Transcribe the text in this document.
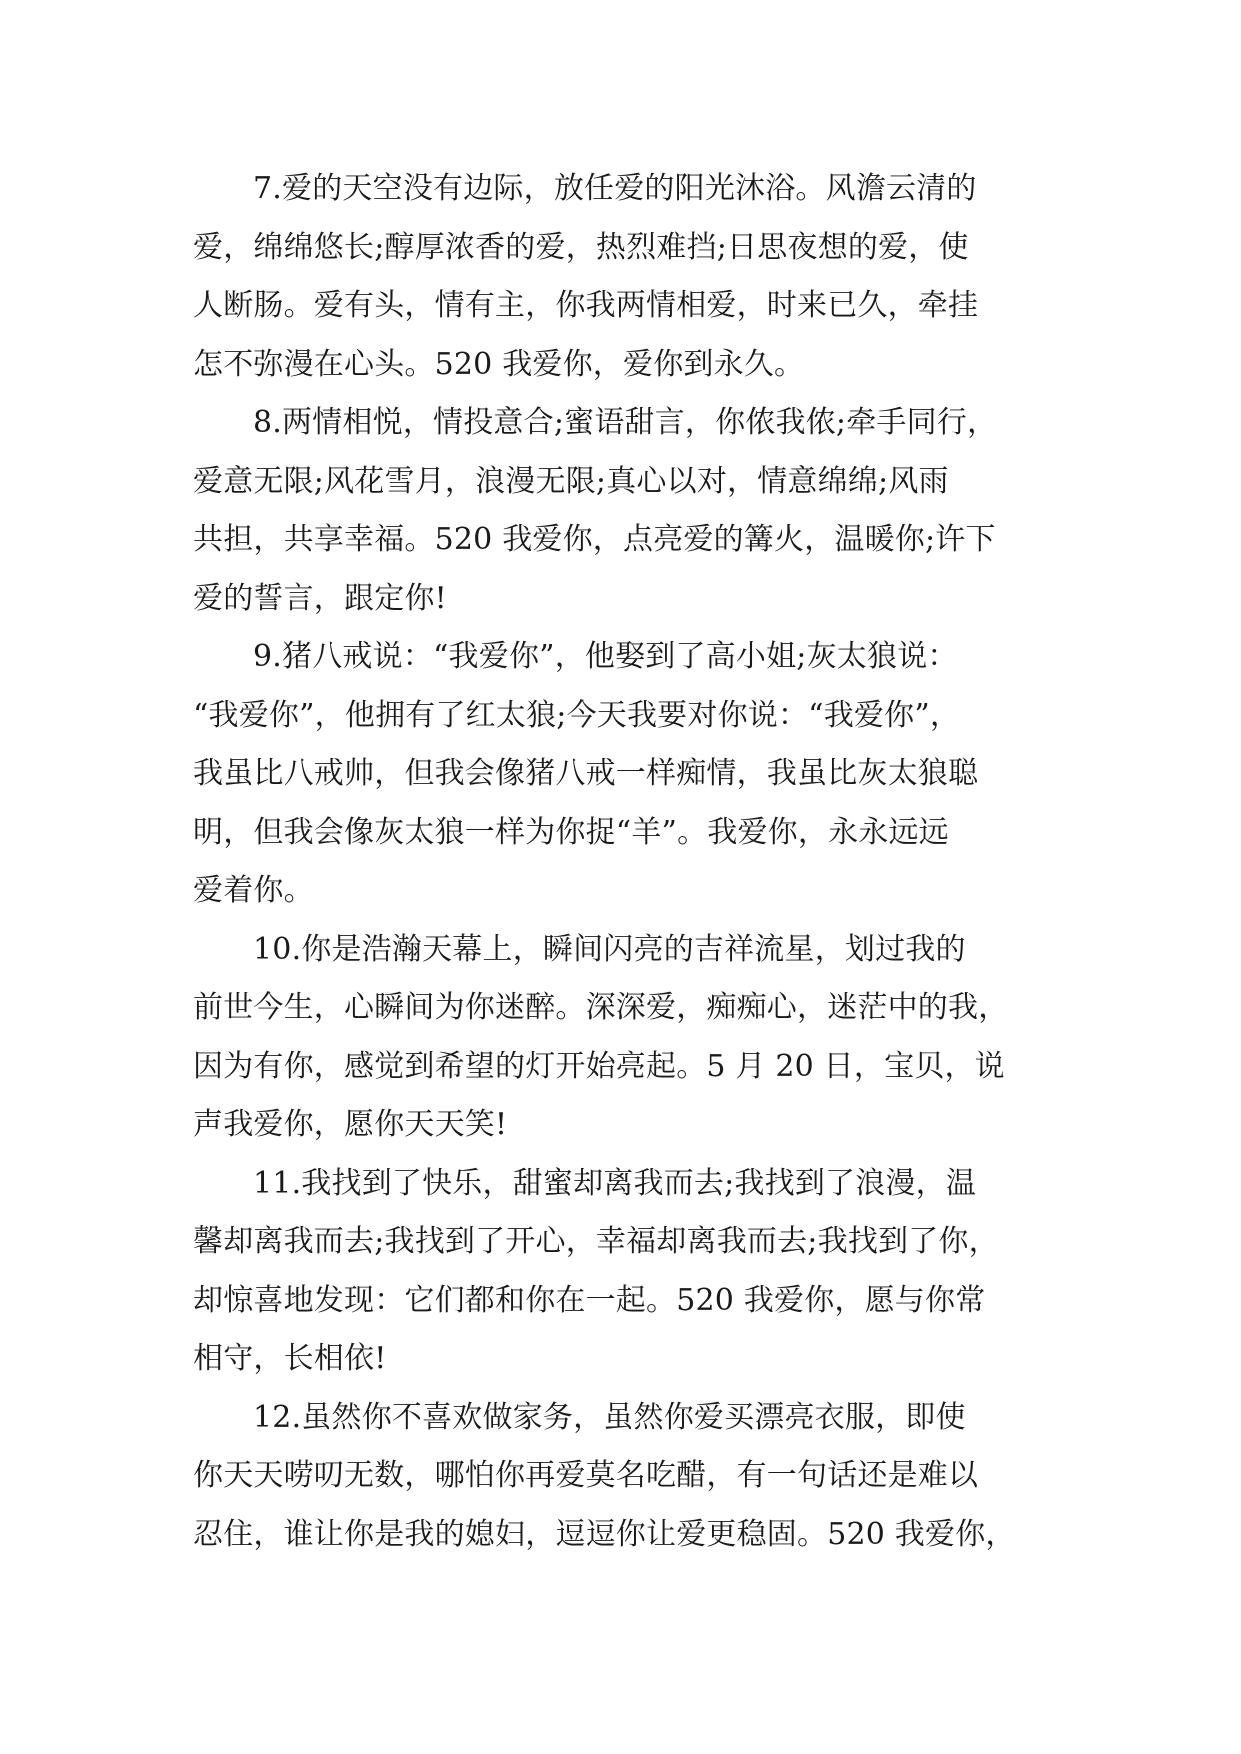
7.爱的天空没有边际，放任爱的阳光沐浴。风澹云清的
爱，绵绵悠长;醇厚浓香的爱，热烈难挡;日思夜想的爱，使
人断肠。爱有头，情有主，你我两情相爱，时来已久，牵挂
怎不弥漫在心头。520 我爱你，爱你到永久。

8.两情相悦，情投意合;蜜语甜言，你侬我侬;牵手同行，
爱意无限;风花雪月，浪漫无限;真心以对，情意绵绵;风雨
共担，共享幸福。520 我爱你，点亮爱的篝火，温暖你;许下
爱的誓言，跟定你!

9.猪八戒说：“我爱你”，他娶到了高小姐;灰太狼说：
“我爱你”，他拥有了红太狼;今天我要对你说：“我爱你”，
我虽比八戒帅，但我会像猪八戒一样痴情，我虽比灰太狼聪
明，但我会像灰太狼一样为你捉“羊”。我爱你，永永远远
爱着你。

10.你是浩瀚天幕上，瞬间闪亮的吉祥流星，划过我的
前世今生，心瞬间为你迷醉。深深爱，痴痴心，迷茫中的我，
因为有你，感觉到希望的灯开始亮起。5 月 20 日，宝贝，说
声我爱你，愿你天天笑!

11.我找到了快乐，甜蜜却离我而去;我找到了浪漫，温
馨却离我而去;我找到了开心，幸福却离我而去;我找到了你，
却惊喜地发现：它们都和你在一起。520 我爱你，愿与你常
相守，长相依!

12.虽然你不喜欢做家务，虽然你爱买漂亮衣服，即使
你天天唠叨无数，哪怕你再爱莫名吃醋，有一句话还是难以
忍住，谁让你是我的媳妇，逗逗你让爱更稳固。520 我爱你，
